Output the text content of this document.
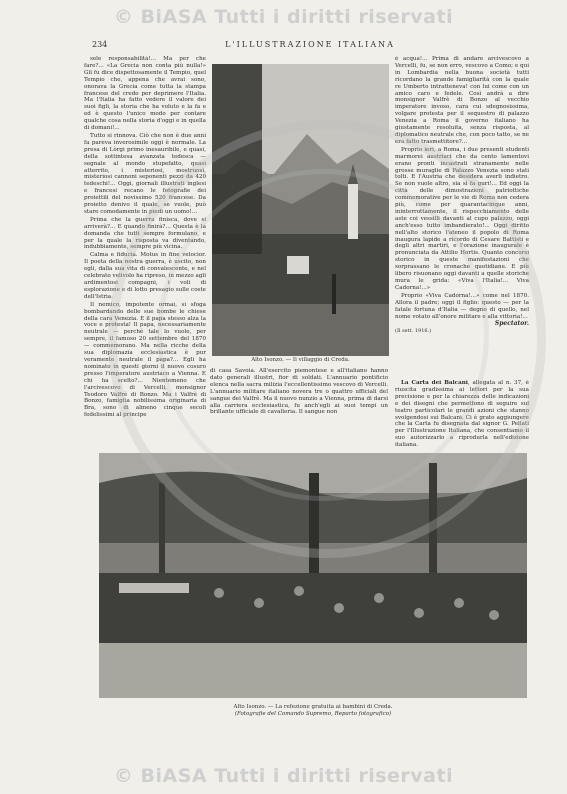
© BiASA Tutti i diritti riservati
© BiASA Tutti i diritti riservati
234	L'ILLUSTRAZIONE ITALIANA

sele responsabilità!... Ma per che fare?... «La Grecia non conta più nulla!» Gli fu dice dispettosamente il Tempio, quel Tempio che, appena che avrai sono, onorava la Grecia come tutta la stampa francese del credo per deprimere l'Italia. Ma l'Italia ha fatto vedere il valore dei suoi figli, la storia che ha voluto e la fa e ed è questo l'unico modo per contare qualche cosa nella storia d'oggi e in quella di domani!...

Tutto si rinnova. Ciò che non è due anni fa pareva inverosimile oggi è normale. La presa di Lòrgi primo inesauribile, e quasi, della sottintesa avanzata tedesca — segnale al mondo stupefatto, quasi atterrito, i misteriosi, mostruosi, misteriosi cannoni seponenti pezzi da 420 tedeschi!... Oggi, giornali illustrati inglesi e francesi recano le fotografie dei proiettili del novissimo 520 francese. Da proietto denivo il quale, se vuole, può stare comodamente in piedi un uomo!...

Prima che la guerra finisca, dove si arriverà?... E quando finirà?... Questa è la domanda che tutti sempre formulano, e per la quale la risposta va diventando, indubbiamente, sempre più vicina.

Calma e fiducia. Motus in fine velocior. Il poeta della nostra guerra, è uscito, non egli, dalla sua vita di convalescente, e nel celebrato velivolo ha ripreso, in mezzo agli ardimentosi compagni, i voli di esplorazione e di lotto presagio sulle coste dell'Istria.

Il nemico, impotente ormai, si sfoga bombardando delle sue bombe le chiese della cara Venezia. E il papa stesso alza la voce e protesta! Il papa, necessariamente neutrale — perché tale lo vuole, per sempre, il famoso 20 settembre del 1870 — commemorano. Ma nella ricche della sua diplomazia ecclesiastica è pur veramente neutrale il papa?... Egli ha nominato in questi giorni il nuovo cosuro presso l'imperatore austriaco a Vienna. E chi ha scelto?... Nientemeno che l'arcivescovo di Vercelli, monsignor Teodoro Valfrè di Bonzo. Ma i Valfrè di Bonzo, famiglia nobilissima originaria di Bra, sono di almeno cinque secoli fedelissimi al principe

Alto Isonzo. — Il villaggio di Creda.

di casa Savoia. All'esercito piemontese e all'italiano hanno dato generali illustri, fior di soldati. L'annuario pontificio elenca nella sacra milizia l'eccellentissimo vescovo di Vercelli. L'annuario militare italiano novera tre o quattro ufficiali del sangue dei Valfrè. Ma il nuovo nunzio a Vienna, prima di darsi alla carriera ecclesiastica, fu anch'egli ai suoi tempi un brillante ufficiale di cavalleria. Il sangue non

è acqua!... Prima di andare arcivescovo a Vercelli, fu, se non erro, vescovo a Como; e qui in Lombardia nella buona società tutti ricordano la grande famigliarità con la quale re Umberto intratteneva! con lui come con un amico caro e fedele. Così andrà a dire monsignor Valfrè di Bonzo al vecchio imperatore invoso, cara cui sdegnosissima, volgare protesta per il sequestro di palazzo Venezia a Roma il governo italiano ha giustamente resoluita, senza risposta, al diplomatico neutrale che, con poco tatto, se ne era fatto trasmettitore?...

Proprio ieri, a Roma, i due presenti studenti marmorei austriaci che da cento lamentovi erano pronti incastrati stranamente nelle grosse muraglie di Palazzo Venezia sono stati tolti. E l'Austria che desidera averli indietro. Se non vuole altro, sia sì fa guri!... Ed oggi la città delle dimostrazioni patriottiche commemorative per le vie di Roma non cedera più, come per quarantacinque anni, ininterrottamente, il rispecchiamento delle aste coi vessilli davanti al cupo palazzo, oggi anch'esso tutto imbandierato!... Oggi diritto nell'alto storico l'ateneo il popolo di Roma inaugura lapide a ricordo di Cesare Battisti e degli altri martiri, e l'orazione inaugurale è pronunciata da Attilio Hortis. Quanto concorsi storico in queste manifestazioni che sorprassano le cronache quotidiane. E più libero risuonano oggi davanti a quelle storiche mura le grida: «Viva l'Italia!... Viva Cadorna!...»

Proprio «Viva Cadorna!...» come nel 1870. Allora il padre; oggi il figlio: questo — per la fatale fortuna d'Italia — degno di quello, nel nome votato all'onore militare e alla vittoria!...

Spectator.
(Il sett. 1916.)

La Carta dei Balcani, allegata al n. 37, è riuscita gradissima ai lettori per la sua precisione e per la chiarezza delle indicazioni e dei disegni che permettono di seguire sul teatro particolari le grandi azioni che stanno svolgendosi sui Balcani. Ci è grato aggiungere che la Carta fu disegnata dal signor G. Pellati per l'Illustrazione Italiana, che consentiamo il suo autorizzarlo a riprodurla nell'edizione italiana.

Alto Isonzo. — La refezione gratuita ai bambini di Creda.
(Fotografie del Comando Supremo, Reparto fotografico)
